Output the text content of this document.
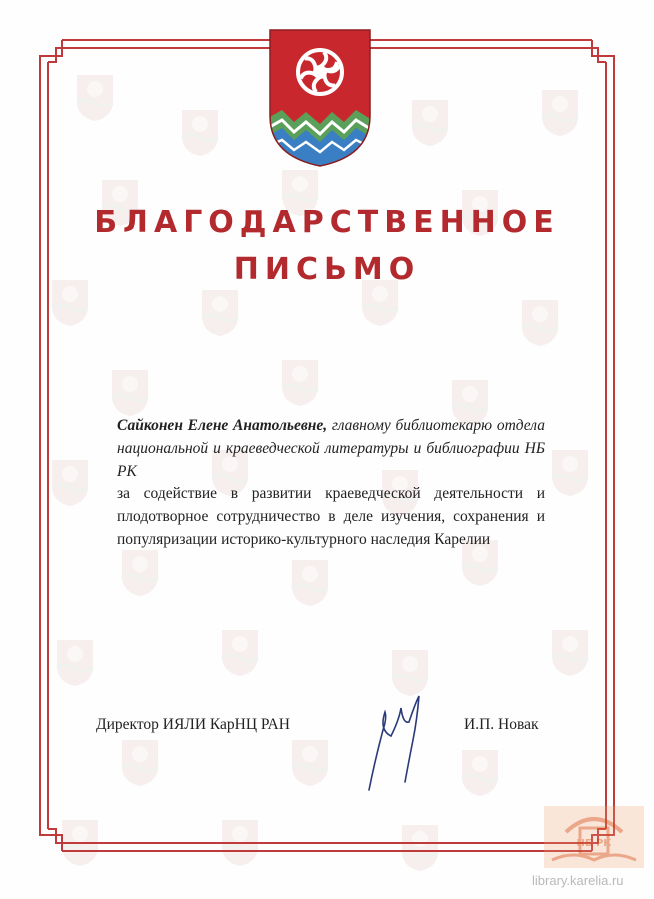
БЛАГОДАРСТВЕННОЕ
ПИСЬМО

Сайконен Елене Анатольевне, главному библиотекарю отдела национальной и краеведческой литературы и библиографии НБ РК

за содействие в развитии краеведческой деятельности и плодотворное сотрудничество в деле изучения, сохранения и популяризации историко-культурного наследия Карелии

Директор ИЯЛИ КарНЦ РАН	И.П. Новак
НБ РК
library.karelia.ru
